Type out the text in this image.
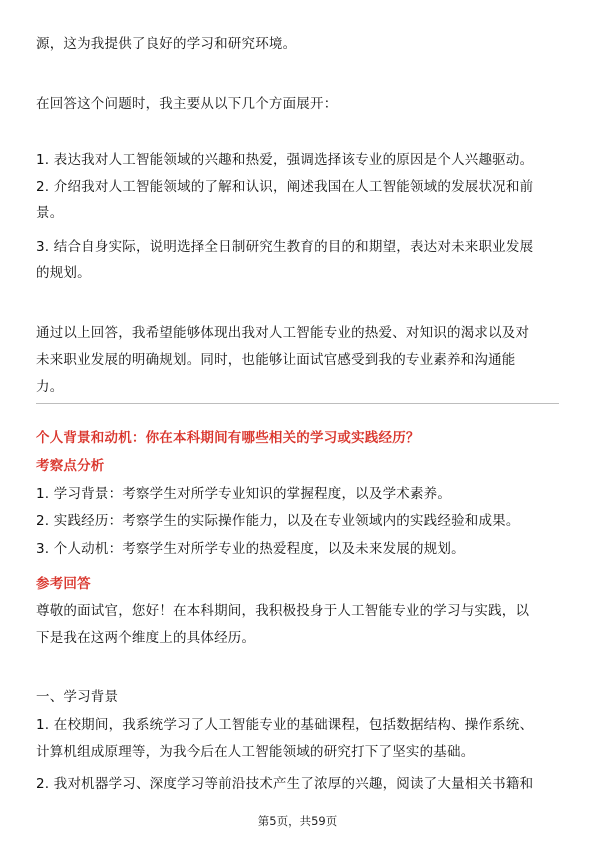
源，这为我提供了良好的学习和研究环境。
在回答这个问题时，我主要从以下几个方面展开：
1. 表达我对人工智能领域的兴趣和热爱，强调选择该专业的原因是个人兴趣驱动。
2. 介绍我对人工智能领域的了解和认识，阐述我国在人工智能领域的发展状况和前
景。
3. 结合自身实际，说明选择全日制研究生教育的目的和期望，表达对未来职业发展
的规划。
通过以上回答，我希望能够体现出我对人工智能专业的热爱、对知识的渴求以及对
未来职业发展的明确规划。同时，也能够让面试官感受到我的专业素养和沟通能
力。
个人背景和动机：你在本科期间有哪些相关的学习或实践经历？
考察点分析
1. 学习背景：考察学生对所学专业知识的掌握程度，以及学术素养。
2. 实践经历：考察学生的实际操作能力，以及在专业领域内的实践经验和成果。
3. 个人动机：考察学生对所学专业的热爱程度，以及未来发展的规划。
参考回答
尊敬的面试官，您好！在本科期间，我积极投身于人工智能专业的学习与实践，以
下是我在这两个维度上的具体经历。
一、学习背景
1. 在校期间，我系统学习了人工智能专业的基础课程，包括数据结构、操作系统、
计算机组成原理等，为我今后在人工智能领域的研究打下了坚实的基础。
2. 我对机器学习、深度学习等前沿技术产生了浓厚的兴趣，阅读了大量相关书籍和
第5页，共59页
